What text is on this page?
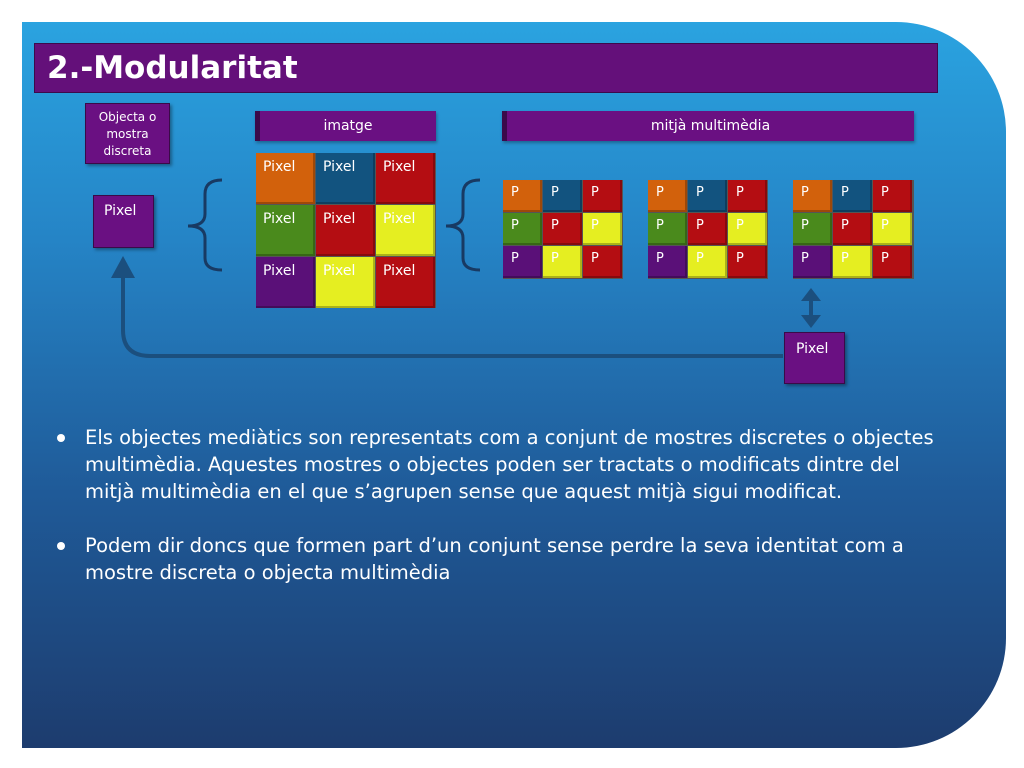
2.-Modularitat
Objecta o mostra discreta
Pixel
imatge	mitjà multimèdia
Pixel	Pixel	Pixel
Pixel	Pixel	Pixel
Pixel	Pixel	Pixel
P	P	P
P	P	P
P	P	P
P	P	P
P	P	P
P	P	P
P	P	P
P	P	P
P	P	P
Pixel
Els objectes mediàtics son representats com a conjunt de mostres discretes o objectes multimèdia. Aquestes mostres o objectes poden ser tractats o modificats dintre del mitjà multimèdia en el que s’agrupen sense que aquest mitjà sigui modificat.
Podem dir doncs que formen part d’un conjunt sense perdre la seva identitat com a mostre discreta o objecta multimèdia
